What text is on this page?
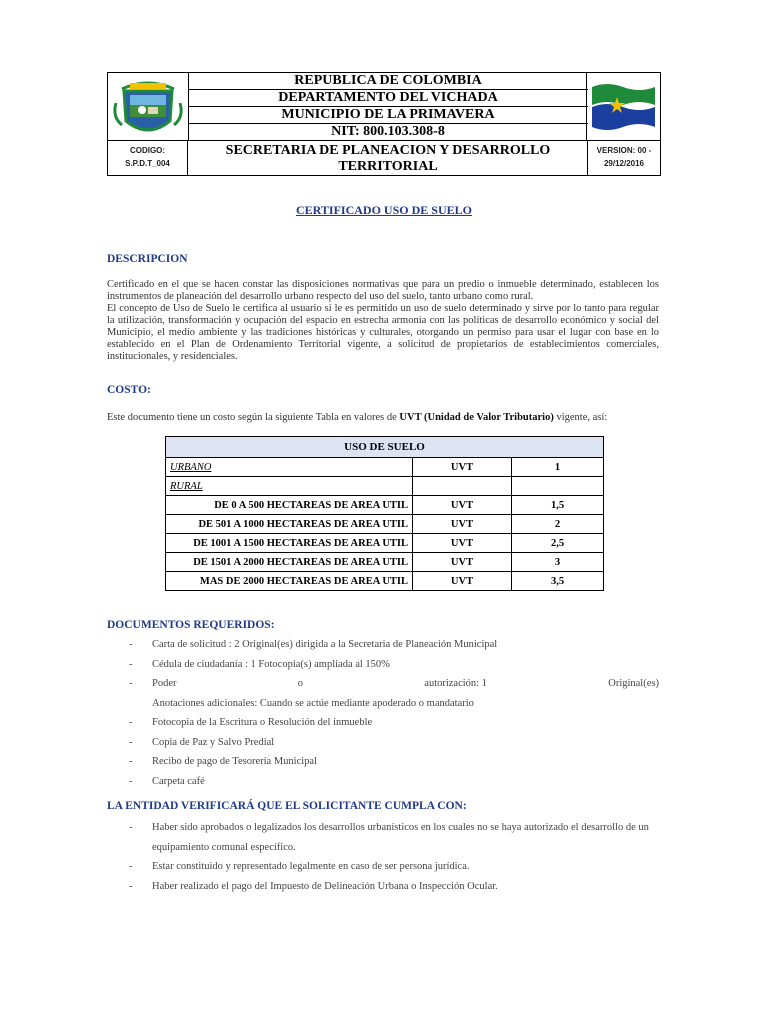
CODIGO:
S.P.D.T_004
REPUBLICA DE COLOMBIA
DEPARTAMENTO DEL VICHADA
MUNICIPIO DE LA PRIMAVERA
NIT: 800.103.308-8
SECRETARIA DE PLANEACION Y DESARROLLO
TERRITORIAL
VERSION: 00 -
29/12/2016
CERTIFICADO USO DE SUELO
DESCRIPCION

Certificado en el que se hacen constar las disposiciones normativas que para un predio o inmueble determinado, establecen los instrumentos de planeación del desarrollo urbano respecto del uso del suelo, tanto urbano como rural.

El concepto de Uso de Suelo le certifica al usuario si le es permitido un uso de suelo determinado y sirve por lo tanto para regular la utilización, transformación y ocupación del espacio en estrecha armonía con las políticas de desarrollo económico y social del Municipio, el medio ambiente y las tradiciones históricas y culturales, otorgando un permiso para usar el lugar con base en lo establecido en el Plan de Ordenamiento Territorial vigente, a solicitud de propietarios de establecimientos comerciales, institucionales, y residenciales.

COSTO:
Este documento tiene un costo según la siguiente Tabla en valores de UVT (Unidad de Valor Tributario) vigente, así:
USO DE SUELO		
URBANO	UVT	1
RURAL		
DE 0 A 500 HECTAREAS DE AREA UTIL	UVT	1,5
DE 501 A 1000 HECTAREAS DE AREA UTIL	UVT	2
DE 1001 A 1500 HECTAREAS DE AREA UTIL	UVT	2,5
DE 1501 A 2000 HECTAREAS DE AREA UTIL	UVT	3
MAS DE 2000 HECTAREAS DE AREA UTIL	UVT	3,5
DOCUMENTOS REQUERIDOS:
- Carta de solicitud : 2 Original(es) dirigida a la Secretaria de Planeación Municipal
- Cédula de ciudadanía : 1 Fotocopia(s) ampliada al 150%
- Poder	o	autorización: 1	Original(es)
Anotaciones adicionales: Cuando se actúe mediante apoderado o mandatario
- Fotocopia de la Escritura o Resolución del inmueble
- Copia de Paz y Salvo Predial
- Recibo de pago de Tesorería Municipal
- Carpeta café
LA ENTIDAD VERIFICARÁ QUE EL SOLICITANTE CUMPLA CON:
- Haber sido aprobados o legalizados los desarrollos urbanísticos en los cuales no se haya autorizado el desarrollo de un equipamiento comunal específico.
- Estar constituido y representado legalmente en caso de ser persona jurídica.
- Haber realizado el pago del Impuesto de Delineación Urbana o Inspección Ocular.
